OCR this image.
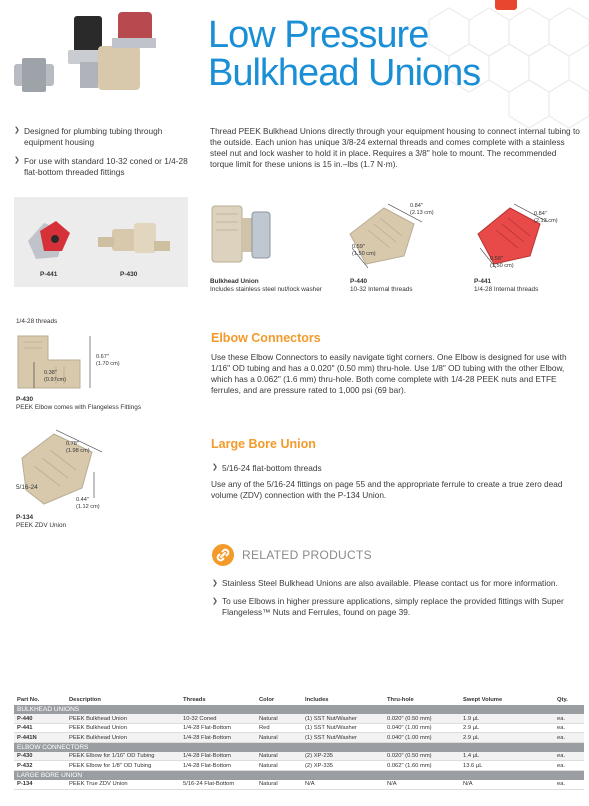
Low Pressure
Bulkhead Unions
❯ Designed for plumbing tubing through equipment housing
❯ For use with standard 10-32 coned or 1/4-28 flat-bottom threaded fittings

Thread PEEK Bulkhead Unions directly through your equipment housing to connect internal tubing to the outside. Each union has unique 3/8-24 external threads and comes complete with a stainless steel nut and lock washer to hold it in place. Requires a 3/8" hole to mount. The recommended torque limit for these unions is 15 in.–lbs (1.7 N·m).

P-441	P-430
Bulkhead Union
Includes stainless steel nut/lock washer
0.84"
(2.13 cm)
0.59"
(1.50 cm)
P-440
10-32 Internal threads
0.84"
(2.13 cm)
0.59"
(1.50 cm)
P-441
1/4-28 Internal threads
1/4-28 threads
0.67"
(1.70 cm)
0.38"
(0.97cm)
P-430
PEEK Elbow comes with Flangeless Fittings
Elbow Connectors

Use these Elbow Connectors to easily navigate tight corners. One Elbow is designed for use with 1/16" OD tubing and has a 0.020" (0.50 mm) thru-hole. Use 1/8" OD tubing with the other Elbow, which has a 0.062" (1.6 mm) thru-hole. Both come complete with 1/4-28 PEEK nuts and ETFE ferrules, and are pressure rated to 1,000 psi (69 bar).

0.78"
(1.98 cm)
5/16-24
0.44"
(1.12 cm)
P-134
PEEK ZDV Union
Large Bore Union
❯ 5/16-24 flat-bottom threads

Use any of the 5/16-24 fittings on page 55 and the appropriate ferrule to create a true zero dead volume (ZDV) connection with the P-134 Union.

RELATED PRODUCTS
❯ Stainless Steel Bulkhead Unions are also available. Please contact us for more information.
❯ To use Elbows in higher pressure applications, simply replace the provided fittings with Super Flangeless™ Nuts and Ferrules, found on page 39.
Part No.	Description	Threads	Color	Includes	Thru-hole	Swept Volume	Qty.
BULKHEAD UNIONS							
P-440	PEEK Bulkhead Union	10-32 Coned	Natural	(1) SST Nut/Washer	0.020" (0.50 mm)	1.9 µL	ea.
P-441	PEEK Bulkhead Union	1/4-28 Flat-Bottom	Red	(1) SST Nut/Washer	0.040" (1.00 mm)	2.9 µL	ea.
P-441N	PEEK Bulkhead Union	1/4-28 Flat-Bottom	Natural	(1) SST Nut/Washer	0.040" (1.00 mm)	2.9 µL	ea.
ELBOW CONNECTORS							
P-430	PEEK Elbow for 1/16" OD Tubing	1/4-28 Flat-Bottom	Natural	(2) XP-235	0.020" (0.50 mm)	1.4 µL	ea.
P-432	PEEK Elbow for 1/8" OD Tubing	1/4-28 Flat-Bottom	Natural	(2) XP-335	0.062" (1.60 mm)	13.6 µL	ea.
LARGE BORE UNION							
P-134	PEEK True ZDV Union	5/16-24 Flat-Bottom	Natural	N/A	N/A	N/A	ea.
